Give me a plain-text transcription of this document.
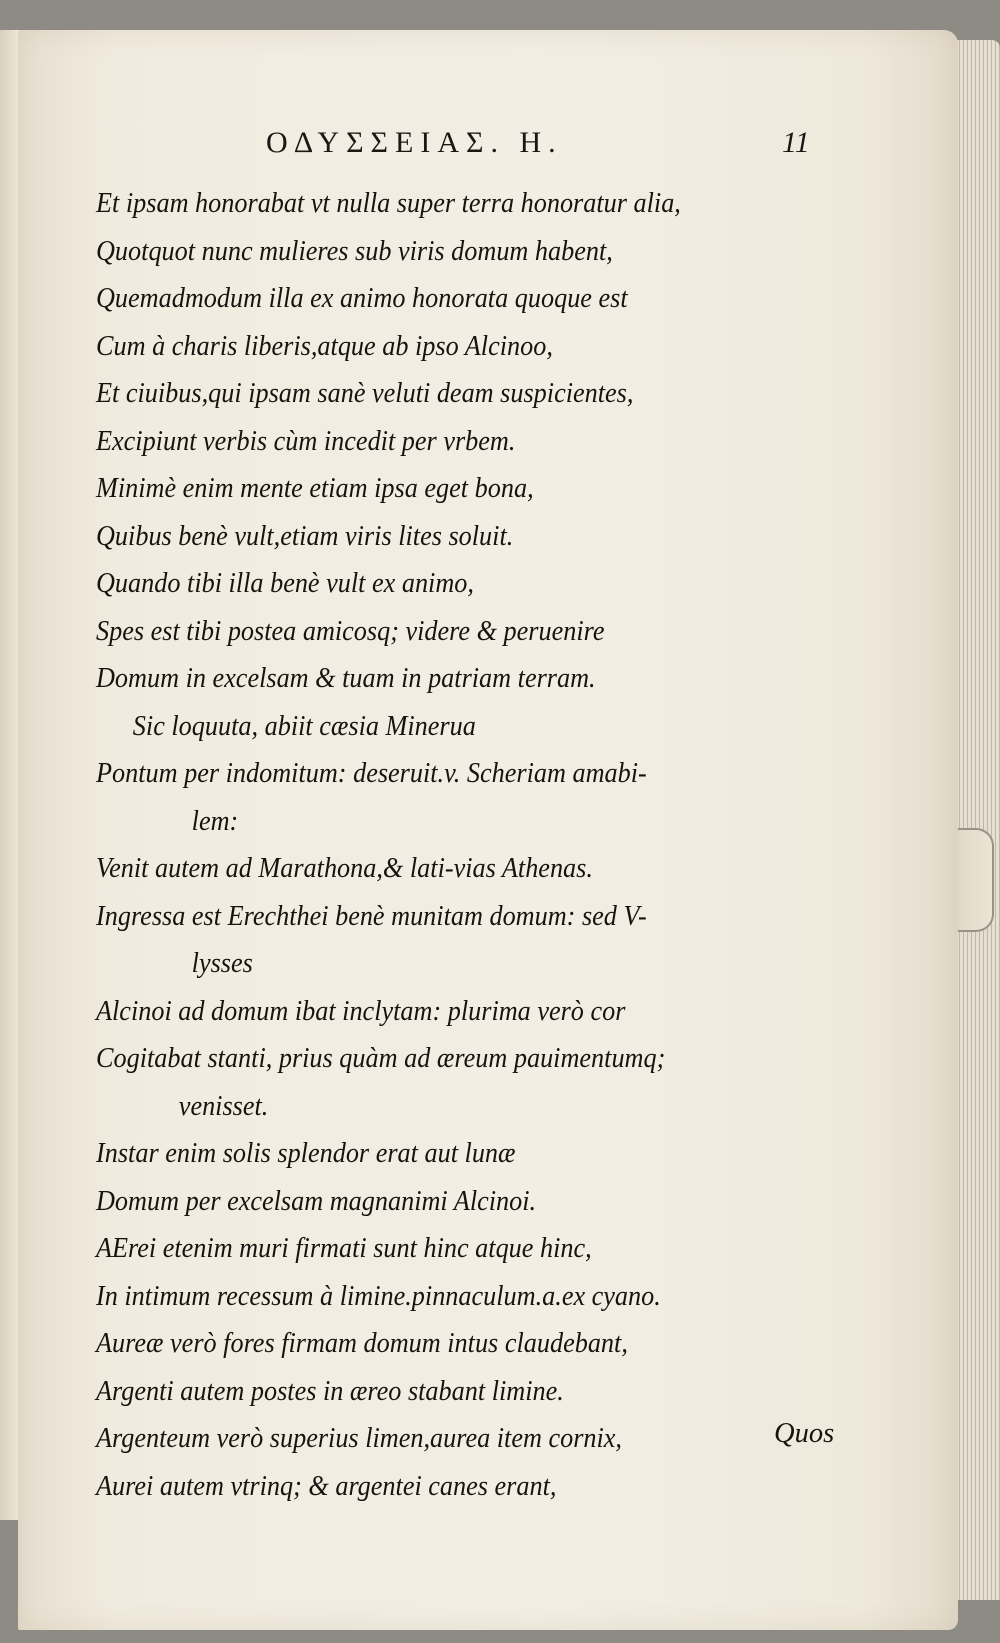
ΟΔΥΣΣΕΙΑΣ. Η.	11
Et ipsam honorabat vt nulla super terra honoratur alia,
Quotquot nunc mulieres sub viris domum habent,
Quemadmodum illa ex animo honorata quoque est
Cum à charis liberis,atque ab ipso Alcinoo,
Et ciuibus,qui ipsam sanè veluti deam suspicientes,
Excipiunt verbis cùm incedit per vrbem.
Minimè enim mente etiam ipsa eget bona,
Quibus benè vult,etiam viris lites soluit.
Quando tibi illa benè vult ex animo,
Spes est tibi postea amicosq; videre & peruenire
Domum in excelsam & tuam in patriam terram.
Sic loquuta, abiit cæsia Minerua
Pontum per indomitum: deseruit.v. Scheriam amabi-
lem:
Venit autem ad Marathona,& lati-vias Athenas.
Ingressa est Erechthei benè munitam domum: sed V-
lysses
Alcinoi ad domum ibat inclytam: plurima verò cor
Cogitabat stanti, prius quàm ad æreum pauimentumq;
venisset.
Instar enim solis splendor erat aut lunæ
Domum per excelsam magnanimi Alcinoi.
AErei etenim muri firmati sunt hinc atque hinc,
In intimum recessum à limine.pinnaculum.a.ex cyano.
Aureæ verò fores firmam domum intus claudebant,
Argenti autem postes in æreo stabant limine.
Argenteum verò superius limen,aurea item cornix,
Aurei autem vtrinq; & argentei canes erant,
Quos
